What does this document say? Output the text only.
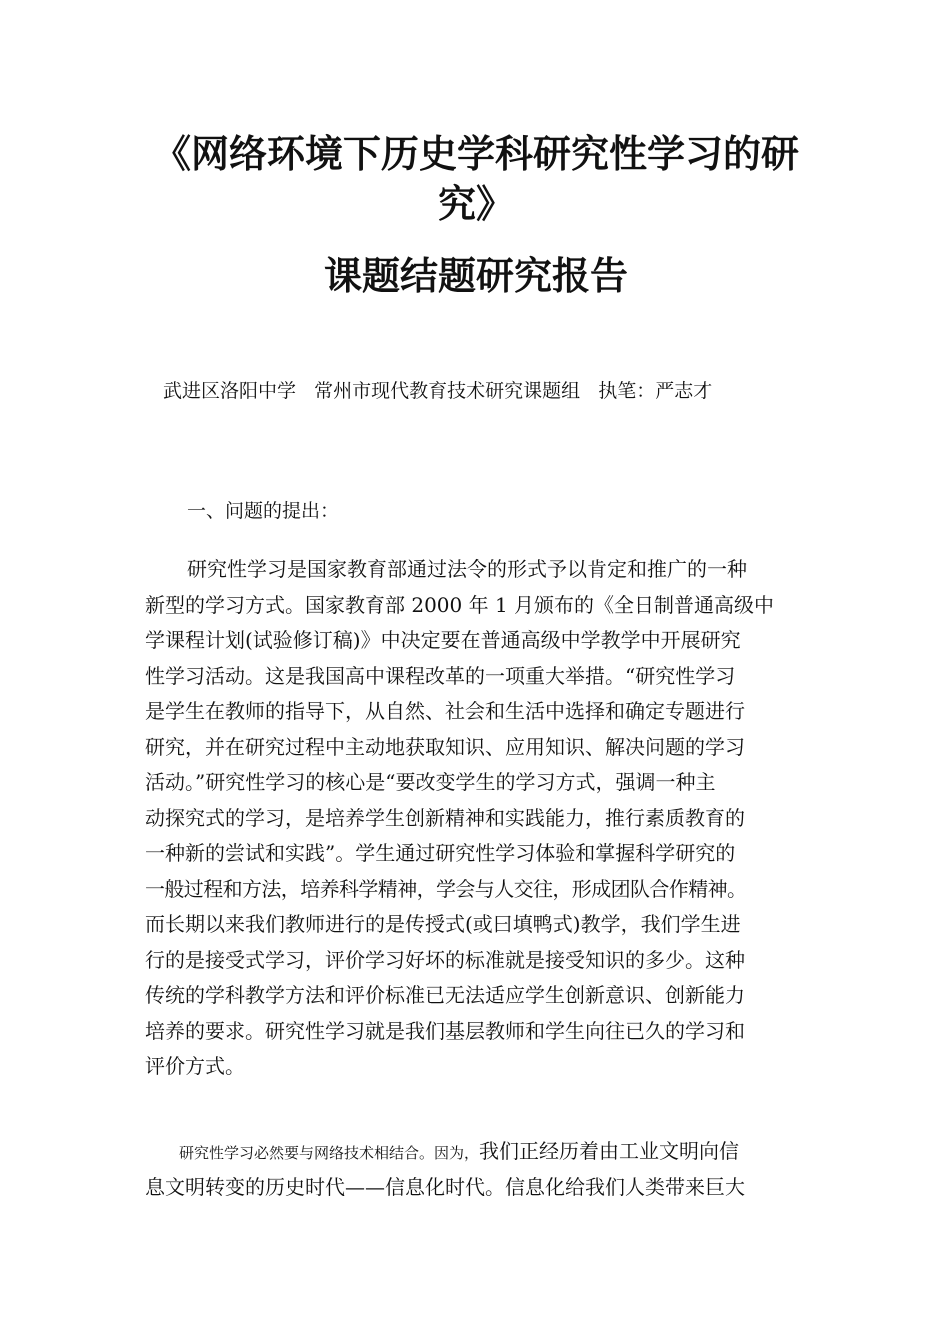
《网络环境下历史学科研究性学习的研
究》
课题结题研究报告

武进区洛阳中学   常州市现代教育技术研究课题组   执笔：严志才

一、问题的提出：

研究性学习是国家教育部通过法令的形式予以肯定和推广的一种
新型的学习方式。国家教育部 2000 年 1 月颁布的《全日制普通高级中
学课程计划(试验修订稿)》中决定要在普通高级中学教学中开展研究
性学习活动。这是我国高中课程改革的一项重大举措。“研究性学习
是学生在教师的指导下，从自然、社会和生活中选择和确定专题进行
研究，并在研究过程中主动地获取知识、应用知识、解决问题的学习
活动。”研究性学习的核心是“要改变学生的学习方式，强调一种主
动探究式的学习，是培养学生创新精神和实践能力，推行素质教育的
一种新的尝试和实践”。学生通过研究性学习体验和掌握科学研究的
一般过程和方法，培养科学精神，学会与人交往，形成团队合作精神。
而长期以来我们教师进行的是传授式(或曰填鸭式)教学，我们学生进
行的是接受式学习，评价学习好坏的标准就是接受知识的多少。这种
传统的学科教学方法和评价标准已无法适应学生创新意识、创新能力
培养的要求。研究性学习就是我们基层教师和学生向往已久的学习和
评价方式。
研究性学习必然要与网络技术相结合。因为，我们正经历着由工业文明向信
息文明转变的历史时代——信息化时代。信息化给我们人类带来巨大
